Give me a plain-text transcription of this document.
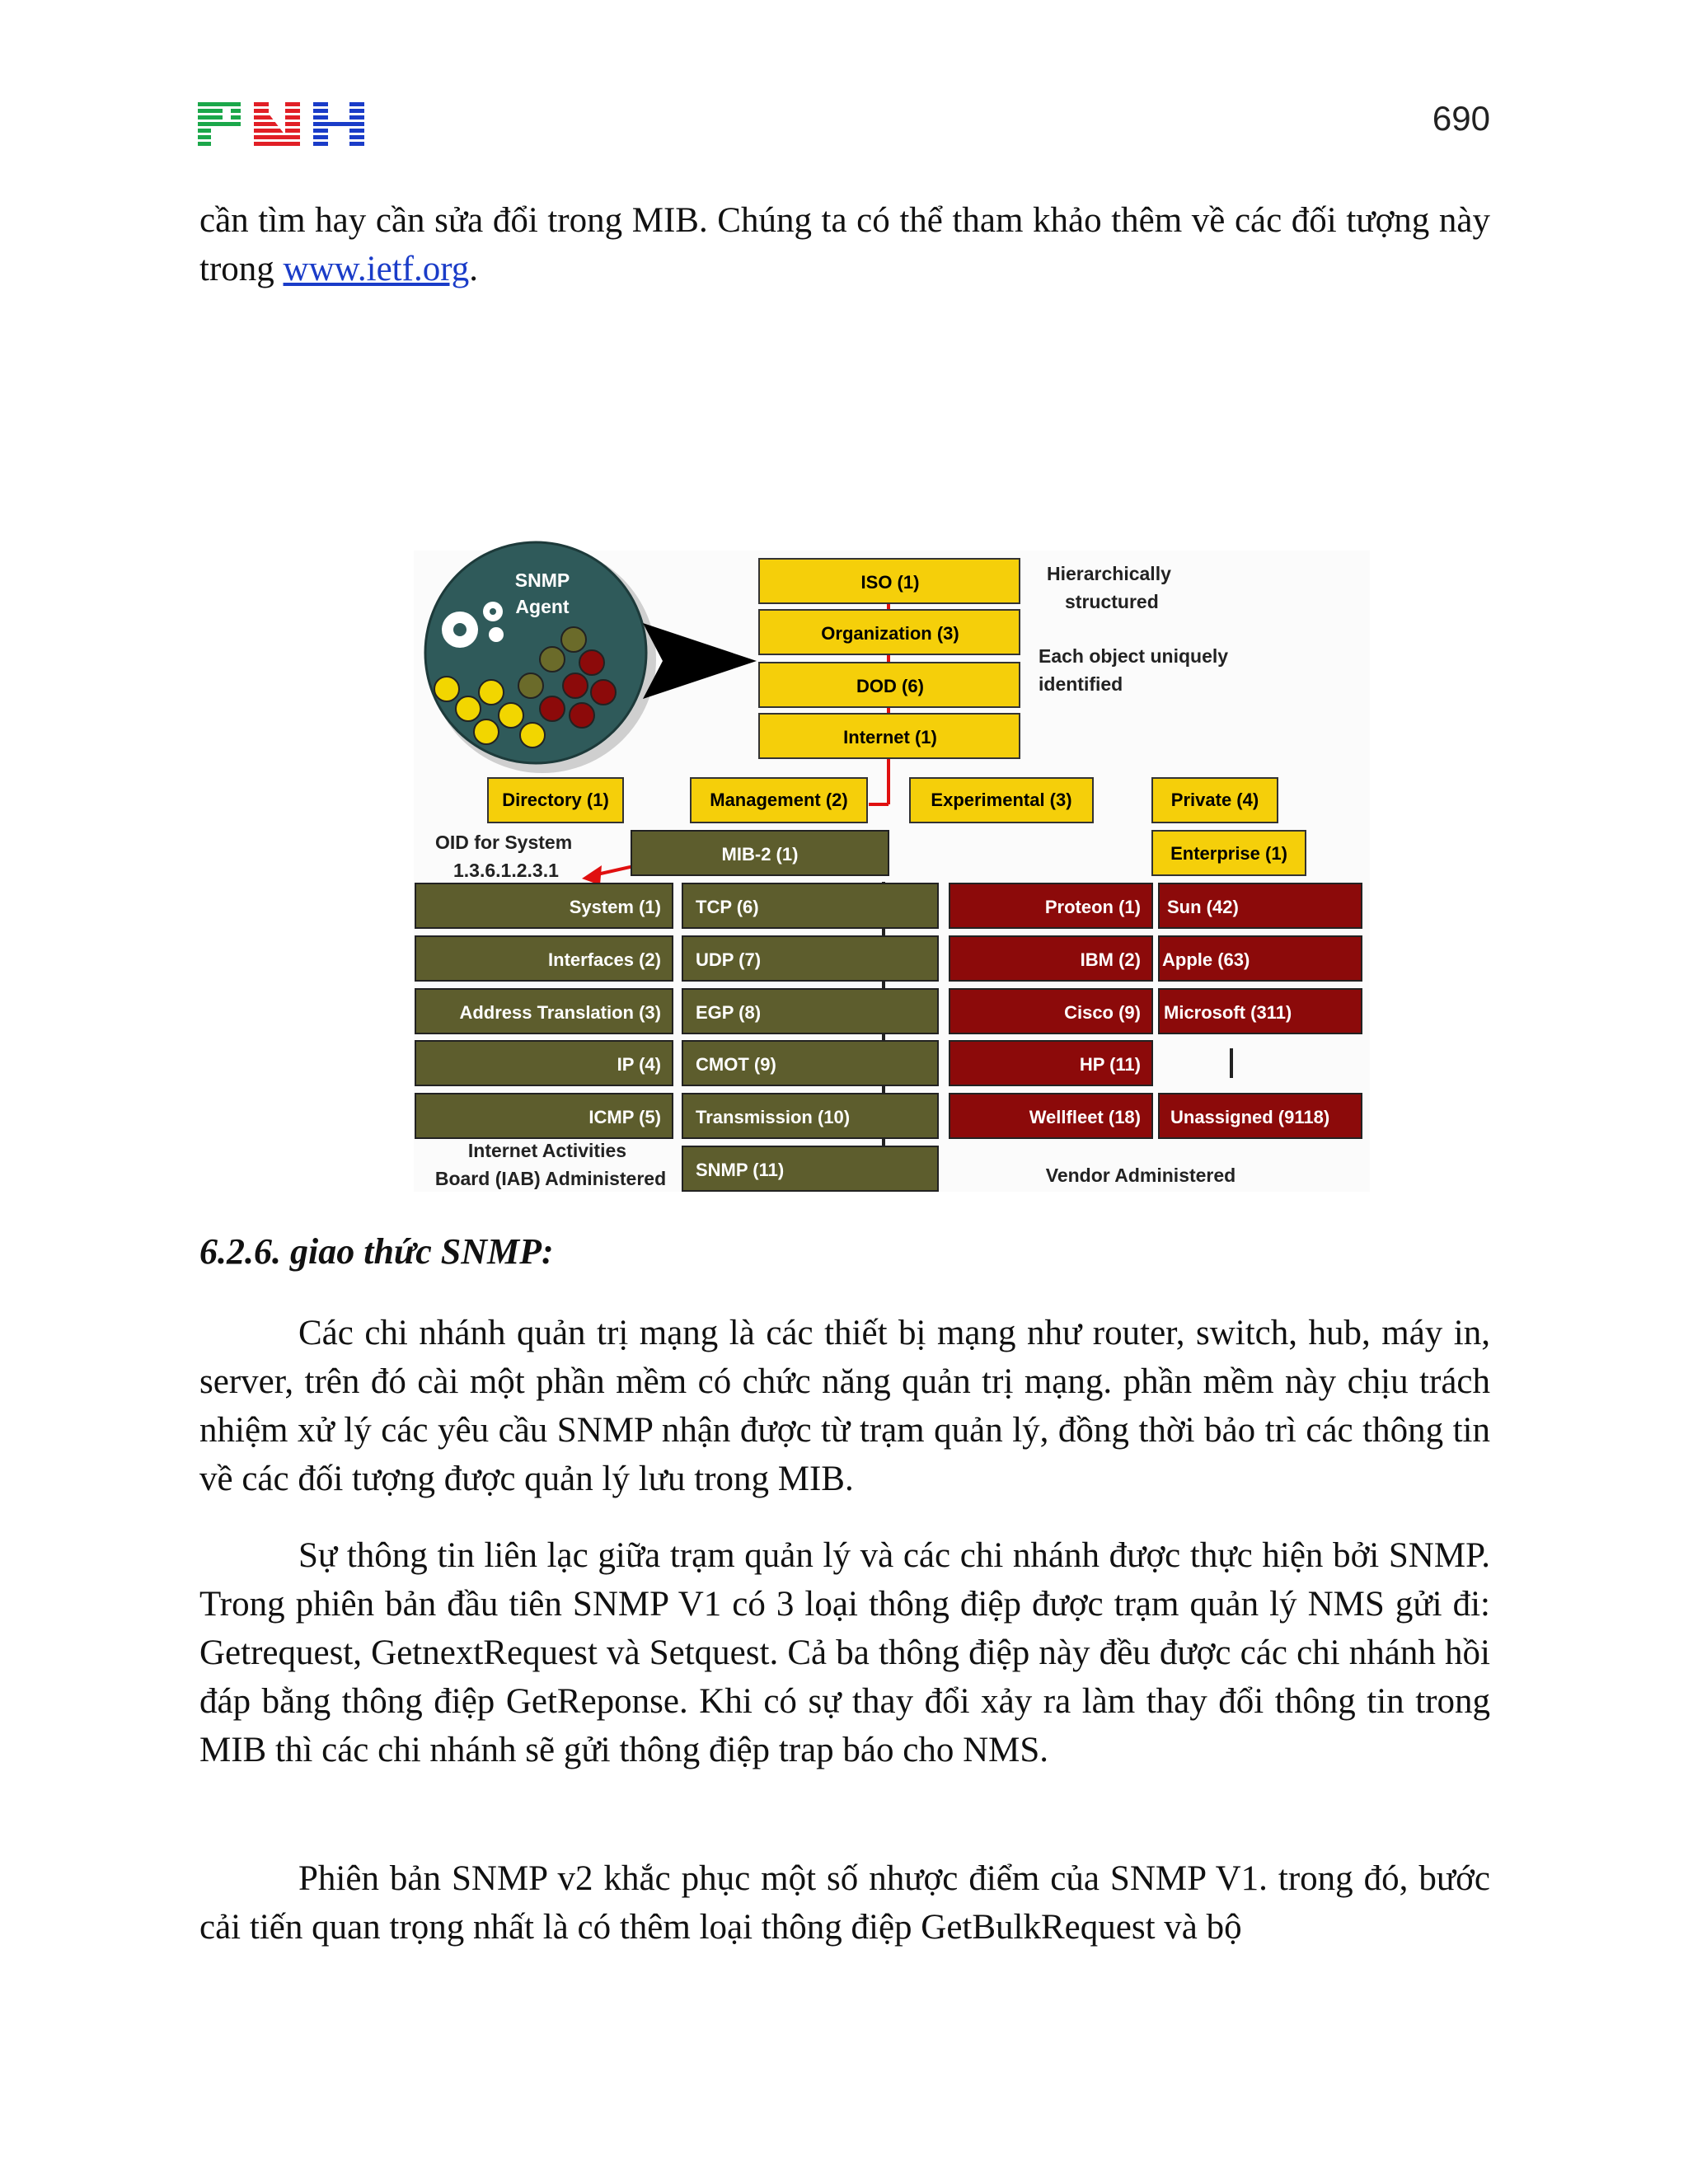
690

cần tìm hay cần sửa đổi trong MIB. Chúng ta có thể tham khảo thêm về các đối tượng này trong www.ietf.org.

SNMP
Agent
ISO (1)
Organization (3)
DOD (6)
Internet (1)
Hierarchically
structured
Each object uniquely
identified
Directory (1)	Management (2)	Experimental (3)	Private (4)
Enterprise (1)
OID for System
1.3.6.1.2.3.1
MIB-2 (1)
System (1)
Interfaces (2)
Address Translation (3)
IP (4)
ICMP (5)
TCP (6)
UDP (7)
EGP (8)
CMOT (9)
Transmission (10)
SNMP (11)
Internet Activities
Board (IAB) Administered
Proteon (1)
IBM (2)
Cisco (9)
HP (11)
Wellfleet (18)
Sun (42)
Apple (63)
Microsoft (311)
Unassigned (9118)
Vendor Administered
6.2.6. giao thức SNMP:

Các chi nhánh quản trị mạng là các thiết bị mạng như router, switch, hub, máy in, server, trên đó cài một phần mềm có chức năng quản trị mạng. phần mềm này chịu trách nhiệm xử lý các yêu cầu SNMP nhận được từ trạm quản lý, đồng thời bảo trì các thông tin về các đối tượng được quản lý lưu trong MIB.

Sự thông tin liên lạc giữa trạm quản lý và các chi nhánh được thực hiện bởi SNMP. Trong phiên bản đầu tiên SNMP V1 có 3 loại thông điệp được trạm quản lý NMS gửi đi: Getrequest, GetnextRequest và Setquest. Cả ba thông điệp này đều được các chi nhánh hồi đáp bằng thông điệp GetReponse. Khi có sự thay đổi xảy ra làm thay đổi thông tin trong MIB thì các chi nhánh sẽ gửi thông điệp trap báo cho NMS.

Phiên bản SNMP v2 khắc phục một số nhược điểm của SNMP V1. trong đó, bước cải tiến quan trọng nhất là có thêm loại thông điệp GetBulkRequest và bộ
